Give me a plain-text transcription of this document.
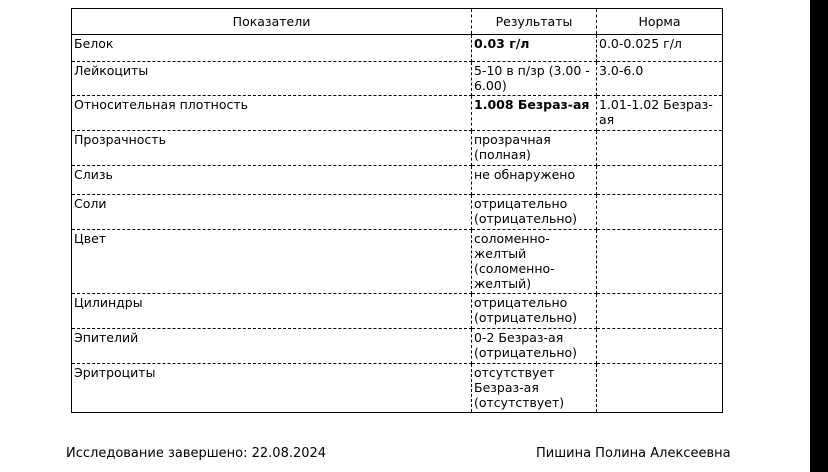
Показатели	Результаты	Норма
Белок	0.03 г/л	0.0-0.025 г/л
Лейкоциты	5-10 в п/зр (3.00 - 6.00)	3.0-6.0
Относительная плотность	1.008 Безраз-ая	1.01-1.02 Безраз-ая
Прозрачность	прозрачная (полная)	
Слизь	не обнаружено	
Соли	отрицательно (отрицательно)	
Цвет	соломенно-желтый (соломенно-желтый)	
Цилиндры	отрицательно (отрицательно)	
Эпителий	0-2 Безраз-ая (отрицательно)	
Эритроциты	отсутствует Безраз-ая (отсутствует)	
Исследование завершено: 22.08.2024	Пишина Полина Алексеевна
